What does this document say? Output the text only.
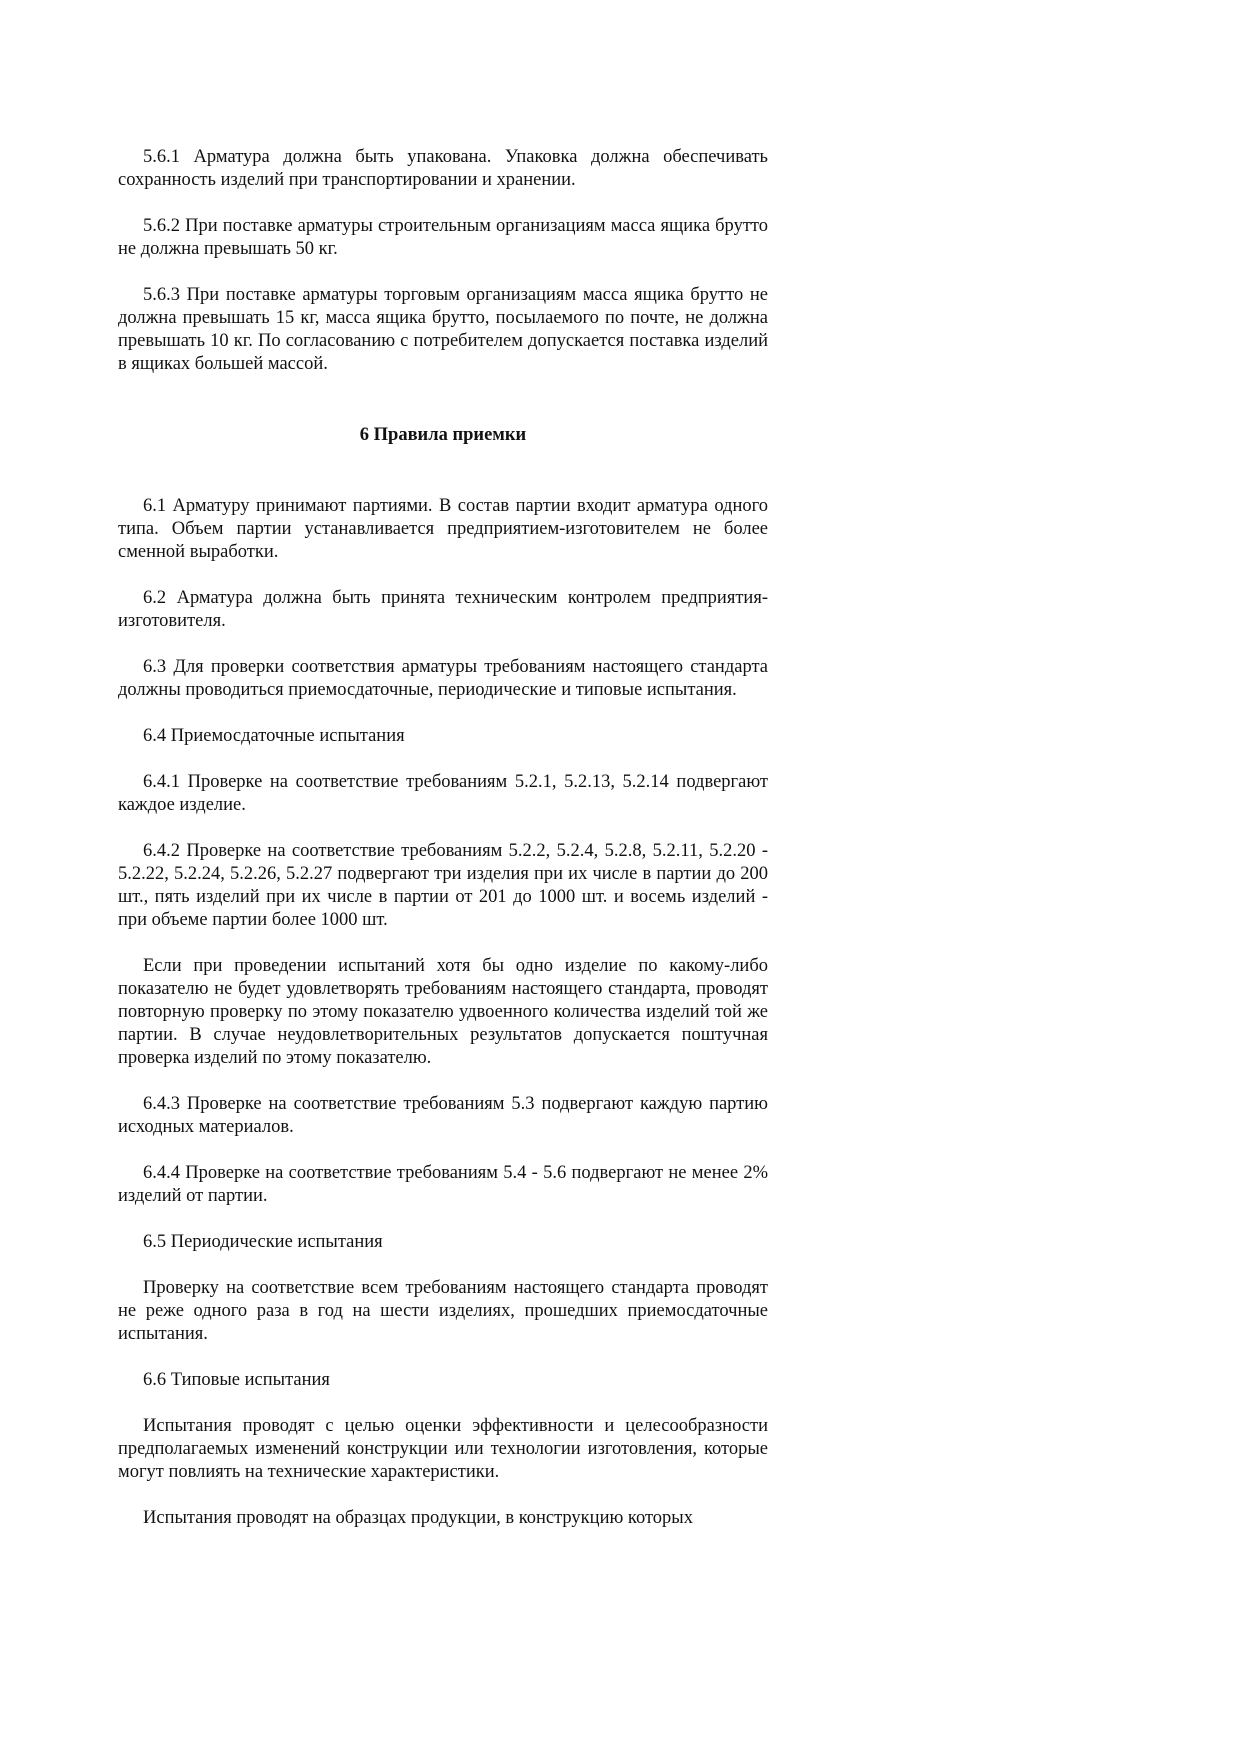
5.6.1 Арматура должна быть упакована. Упаковка должна обеспечивать сохранность изделий при транспортировании и хранении.

5.6.2 При поставке арматуры строительным организациям масса ящика брутто не должна превышать 50 кг.

5.6.3 При поставке арматуры торговым организациям масса ящика брутто не должна превышать 15 кг, масса ящика брутто, посылаемого по почте, не должна превышать 10 кг. По согласованию с потребителем допускается поставка изделий в ящиках большей массой.

6 Правила приемки

6.1 Арматуру принимают партиями. В состав партии входит арматура одного типа. Объем партии устанавливается предприятием-изготовителем не более сменной выработки.

6.2 Арматура должна быть принята техническим контролем предприятия-изготовителя.

6.3 Для проверки соответствия арматуры требованиям настоящего стандарта должны проводиться приемосдаточные, периодические и типовые испытания.

6.4 Приемосдаточные испытания

6.4.1 Проверке на соответствие требованиям 5.2.1, 5.2.13, 5.2.14 подвергают каждое изделие.

6.4.2 Проверке на соответствие требованиям 5.2.2, 5.2.4, 5.2.8, 5.2.11, 5.2.20 - 5.2.22, 5.2.24, 5.2.26, 5.2.27 подвергают три изделия при их числе в партии до 200 шт., пять изделий при их числе в партии от 201 до 1000 шт. и восемь изделий - при объеме партии более 1000 шт.

Если при проведении испытаний хотя бы одно изделие по какому-либо показателю не будет удовлетворять требованиям настоящего стандарта, проводят повторную проверку по этому показателю удвоенного количества изделий той же партии. В случае неудовлетворительных результатов допускается поштучная проверка изделий по этому показателю.

6.4.3 Проверке на соответствие требованиям 5.3 подвергают каждую партию исходных материалов.

6.4.4 Проверке на соответствие требованиям 5.4 - 5.6 подвергают не менее 2% изделий от партии.

6.5 Периодические испытания

Проверку на соответствие всем требованиям настоящего стандарта проводят не реже одного раза в год на шести изделиях, прошедших приемосдаточные испытания.

6.6 Типовые испытания

Испытания проводят с целью оценки эффективности и целесообразности предполагаемых изменений конструкции или технологии изготовления, которые могут повлиять на технические характеристики.

Испытания проводят на образцах продукции, в конструкцию которых
